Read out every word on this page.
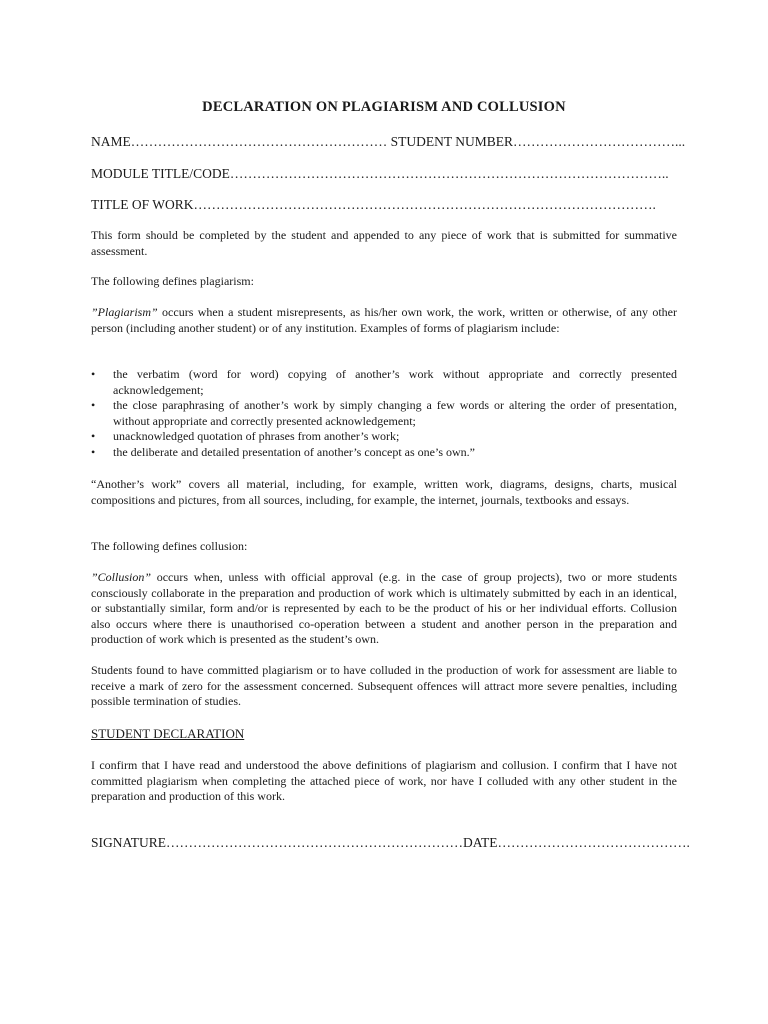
DECLARATION ON PLAGIARISM AND COLLUSION
NAME………………………………………………… STUDENT NUMBER………………………………...
MODULE TITLE/CODE……………………………………………………………………………………..
TITLE OF WORK………………………………………………………………………………………….

This form should be completed by the student and appended to any piece of work that is submitted for summative assessment.

The following defines plagiarism:

”Plagiarism” occurs when a student misrepresents, as his/her own work, the work, written or otherwise, of any other person (including another student) or of any institution. Examples of forms of plagiarism include:

• the verbatim (word for word) copying of another’s work without appropriate and correctly presented acknowledgement;
• the close paraphrasing of another’s work by simply changing a few words or altering the order of presentation, without appropriate and correctly presented acknowledgement;
• unacknowledged quotation of phrases from another’s work;
• the deliberate and detailed presentation of another’s concept as one’s own.”

“Another’s work” covers all material, including, for example, written work, diagrams, designs, charts, musical compositions and pictures, from all sources, including, for example, the internet, journals, textbooks and essays.

The following defines collusion:

”Collusion” occurs when, unless with official approval (e.g. in the case of group projects), two or more students consciously collaborate in the preparation and production of work which is ultimately submitted by each in an identical, or substantially similar, form and/or is represented by each to be the product of his or her individual efforts. Collusion also occurs where there is unauthorised co-operation between a student and another person in the preparation and production of work which is presented as the student’s own.

Students found to have committed plagiarism or to have colluded in the production of work for assessment are liable to receive a mark of zero for the assessment concerned. Subsequent offences will attract more severe penalties, including possible termination of studies.

STUDENT DECLARATION

I confirm that I have read and understood the above definitions of plagiarism and collusion. I confirm that I have not committed plagiarism when completing the attached piece of work, nor have I colluded with any other student in the preparation and production of this work.

SIGNATURE…………………………………………………………DATE…………………………………….
